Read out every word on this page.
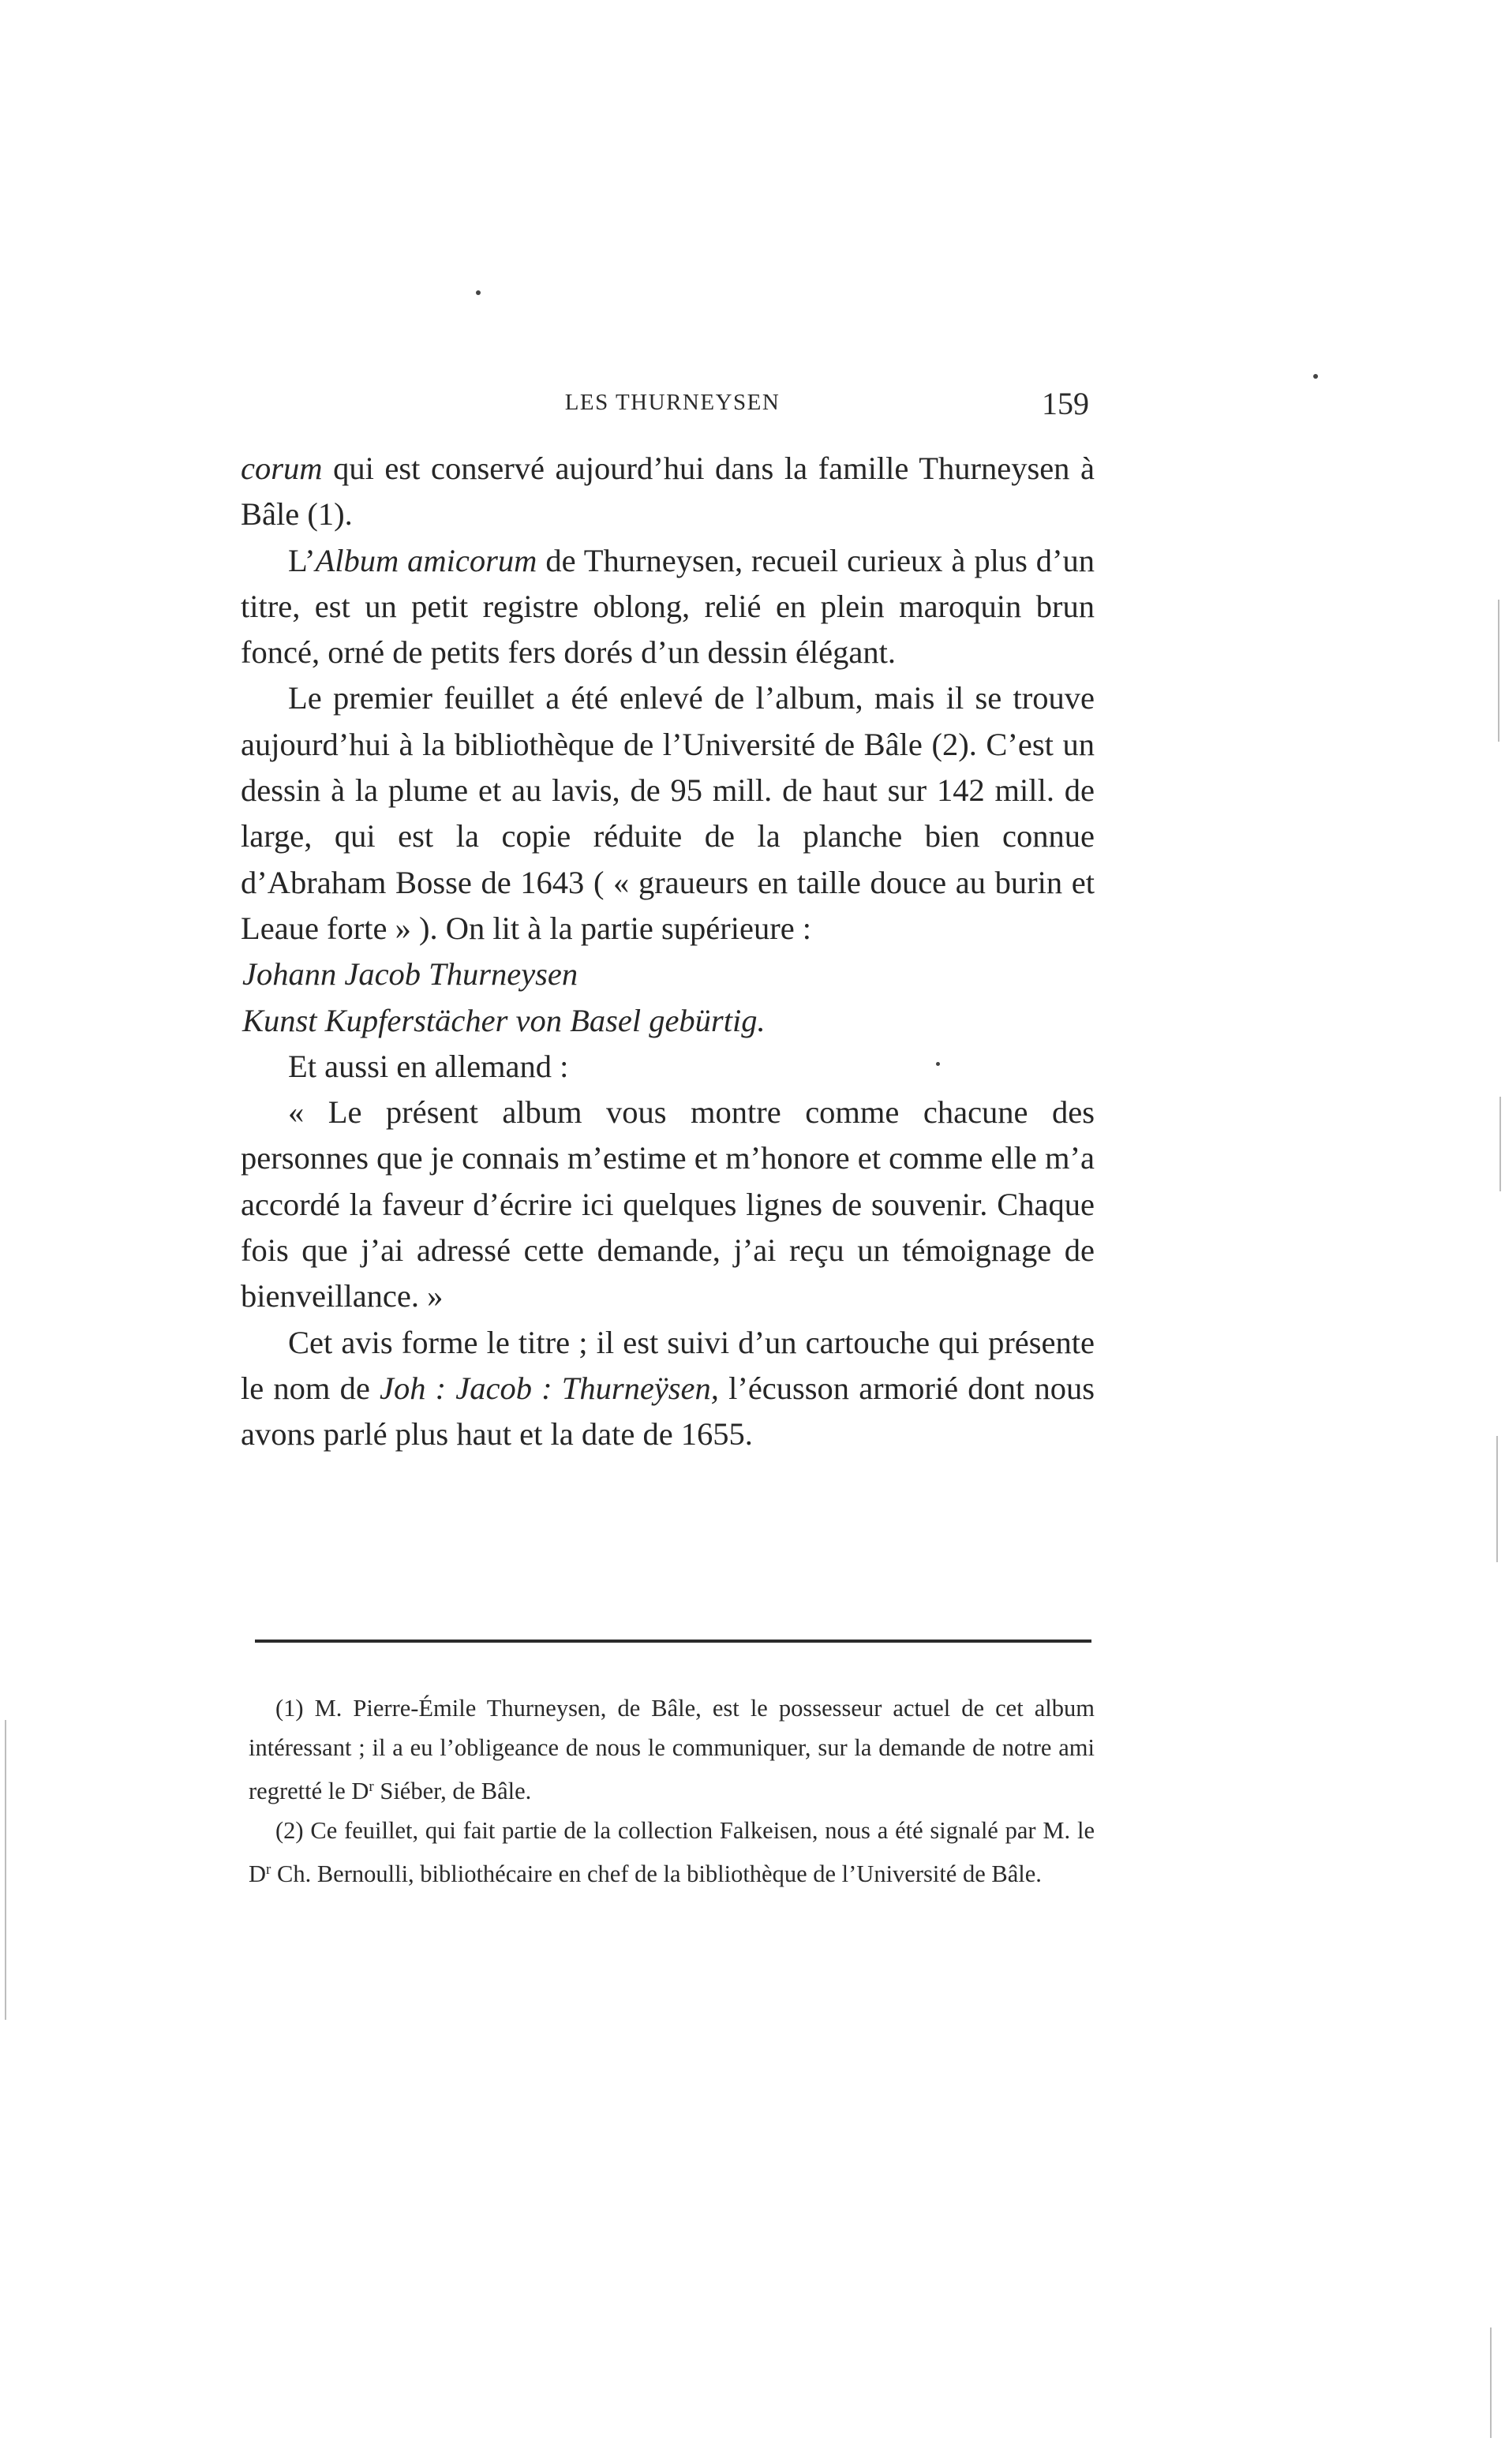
LES THURNEYSEN	159

corum qui est conservé aujourd’hui dans la famille Thurneysen à Bâle (1).

L’Album amicorum de Thurneysen, recueil curieux à plus d’un titre, est un petit registre oblong, relié en plein maroquin brun foncé, orné de petits fers dorés d’un dessin élégant.

Le premier feuillet a été enlevé de l’album, mais il se trouve aujourd’hui à la bibliothèque de l’Université de Bâle (2). C’est un dessin à la plume et au lavis, de 95 mill. de haut sur 142 mill. de large, qui est la copie réduite de la planche bien connue d’Abraham Bosse de 1643 ( « graueurs en taille douce au burin et Leaue forte » ). On lit à la partie supérieure :

Johann Jacob Thurneysen

Kunst Kupferstächer von Basel gebürtig.

Et aussi en allemand :

« Le présent album vous montre comme chacune des personnes que je connais m’estime et m’honore et comme elle m’a accordé la faveur d’écrire ici quelques lignes de souvenir. Chaque fois que j’ai adressé cette demande, j’ai reçu un témoignage de bienveillance. »

Cet avis forme le titre ; il est suivi d’un cartouche qui présente le nom de Joh : Jacob : Thurneÿsen, l’écusson armorié dont nous avons parlé plus haut et la date de 1655.

(1) M. Pierre-Émile Thurneysen, de Bâle, est le possesseur actuel de cet album intéressant ; il a eu l’obligeance de nous le communiquer, sur la demande de notre ami regretté le $D^r$ Siéber, de Bâle.

(2) Ce feuillet, qui fait partie de la collection Falkeisen, nous a été signalé par M. le $D^r$ Ch. Bernoulli, bibliothécaire en chef de la bibliothèque de l’Université de Bâle.
